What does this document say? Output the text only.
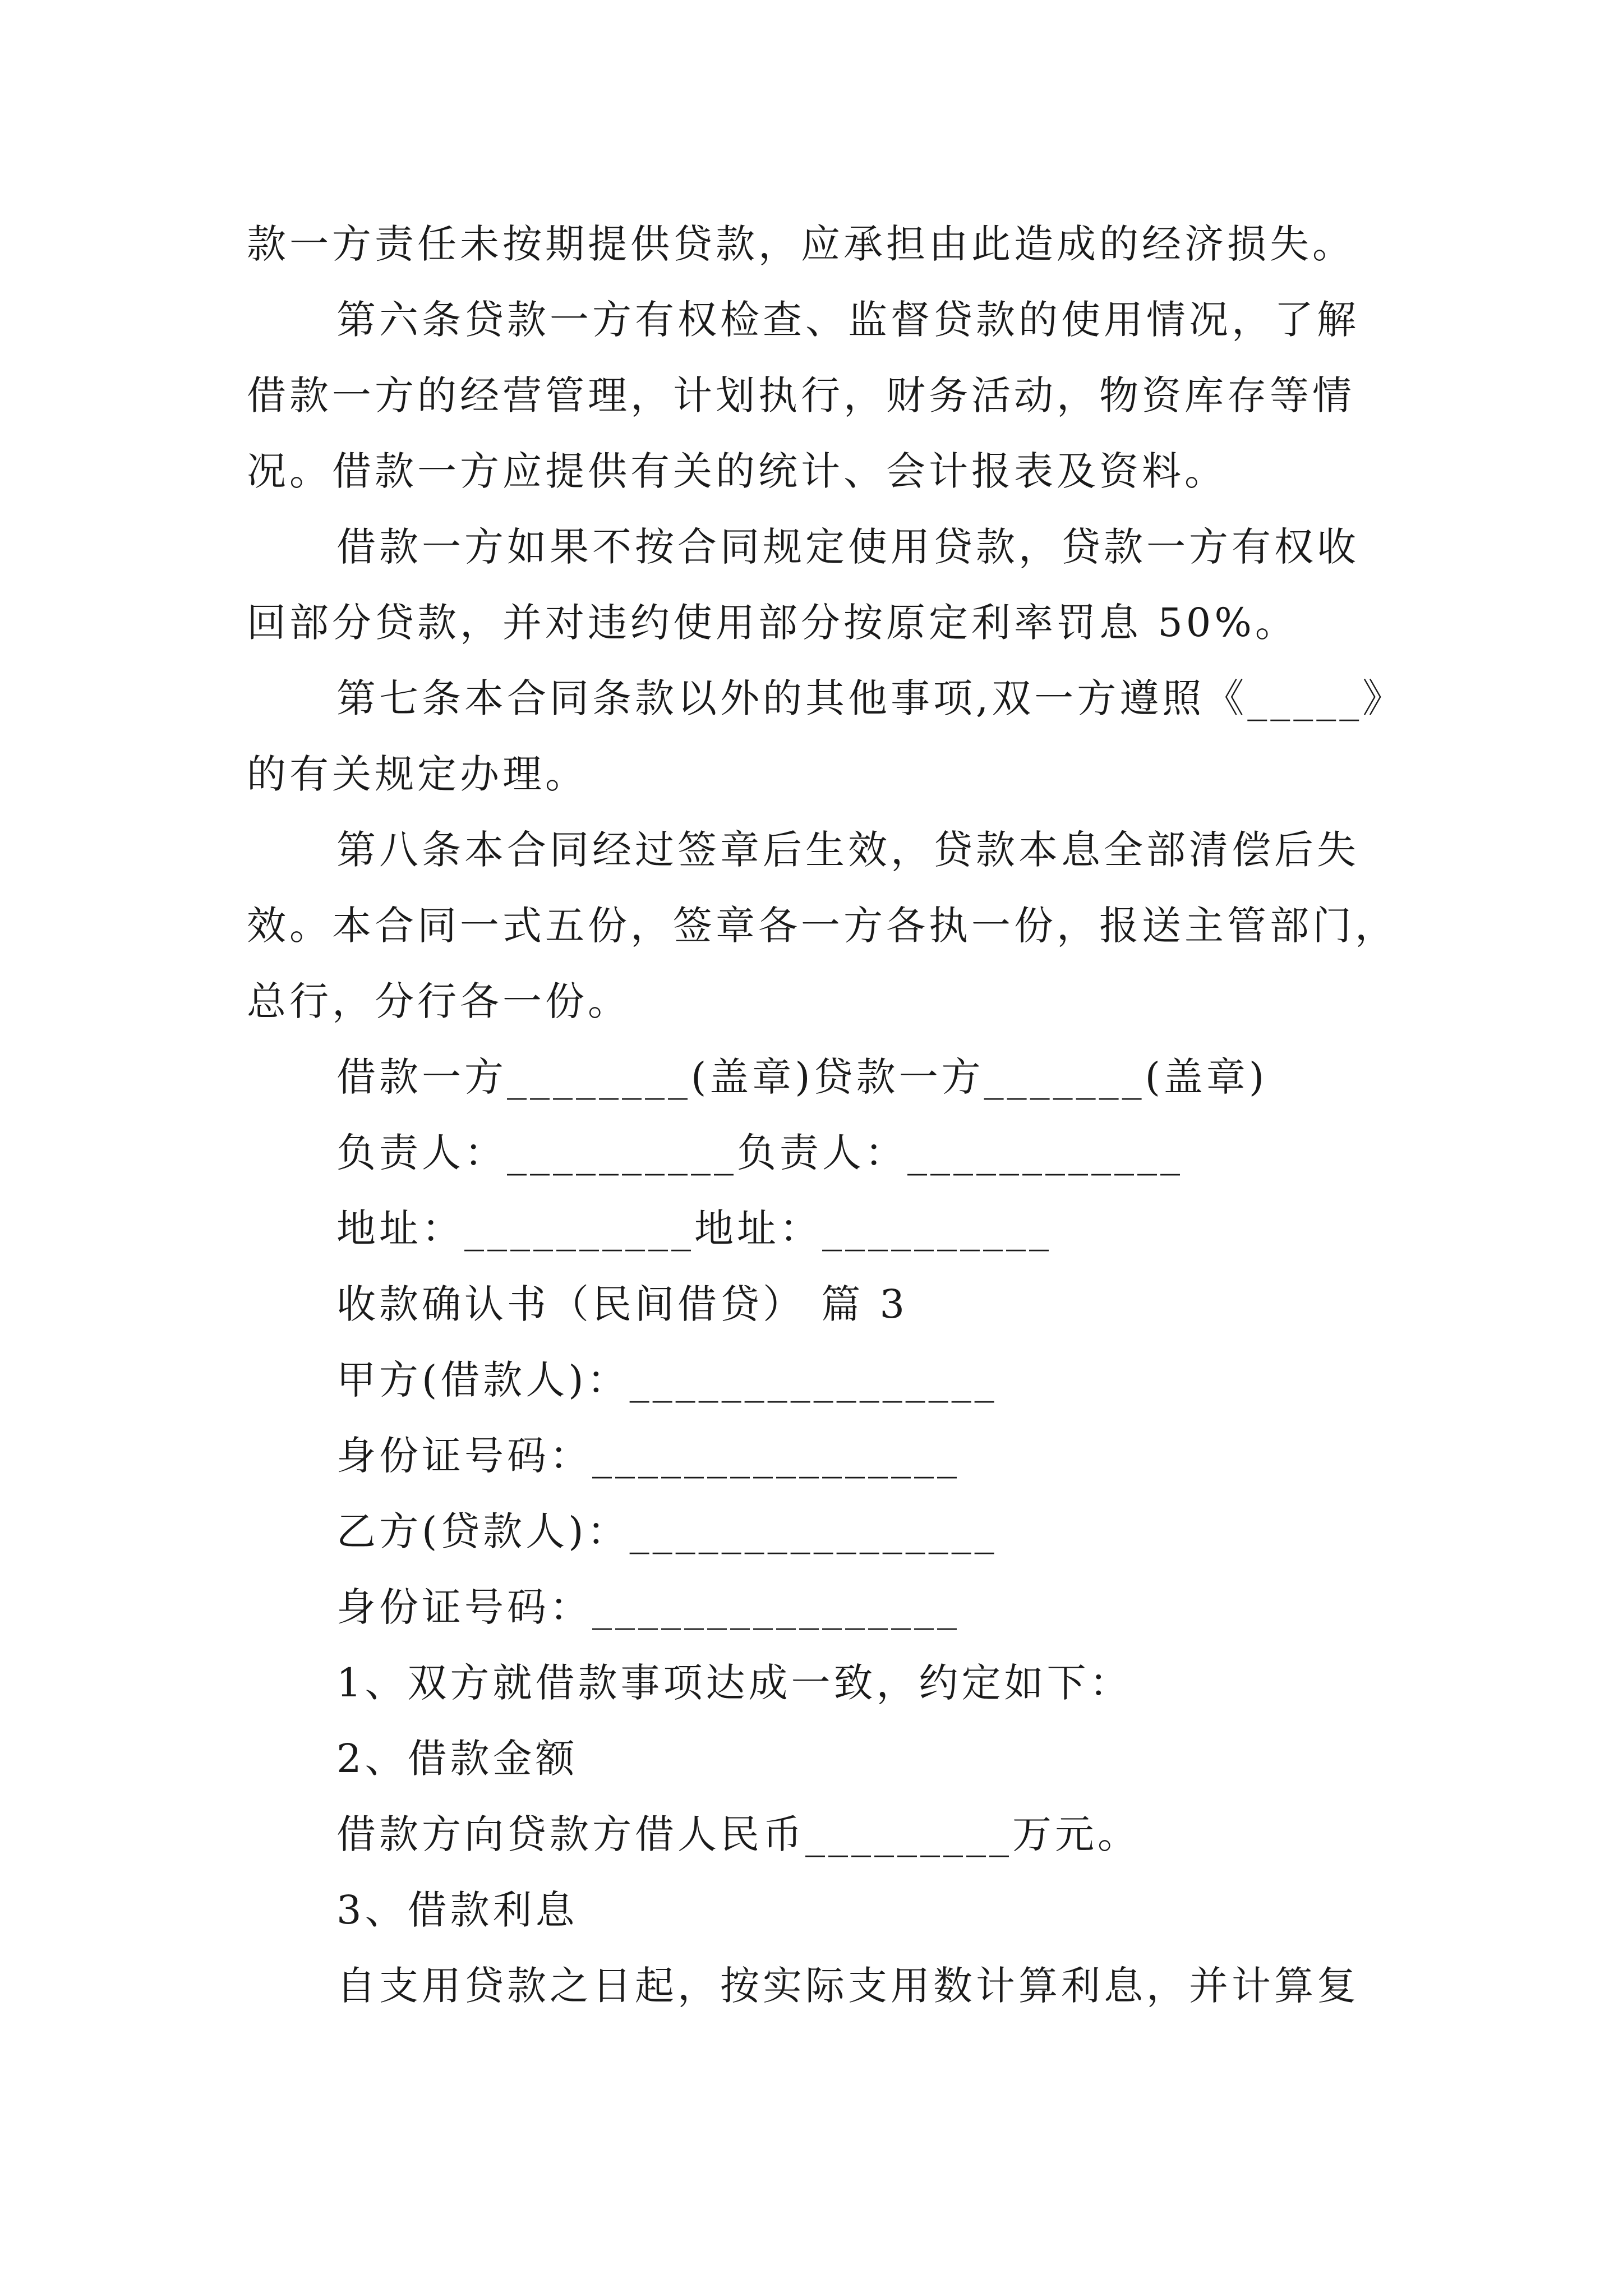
款一方责任未按期提供贷款，应承担由此造成的经济损失。
第六条贷款一方有权检查、监督贷款的使用情况，了解
借款一方的经营管理，计划执行，财务活动，物资库存等情
况。借款一方应提供有关的统计、会计报表及资料。
借款一方如果不按合同规定使用贷款，贷款一方有权收
回部分贷款，并对违约使用部分按原定利率罚息 50%。
第七条本合同条款以外的其他事项,双一方遵照《_____》
的有关规定办理。
第八条本合同经过签章后生效，贷款本息全部清偿后失
效。本合同一式五份，签章各一方各执一份，报送主管部门，
总行，分行各一份。
借款一方________(盖章)贷款一方_______(盖章)
负责人：__________负责人：____________
地址：__________地址：__________
收款确认书（民间借贷） 篇 3
甲方(借款人)：________________
身份证号码：________________
乙方(贷款人)：________________
身份证号码：________________
1、双方就借款事项达成一致，约定如下：
2、借款金额
借款方向贷款方借人民币_________万元。
3、借款利息
自支用贷款之日起，按实际支用数计算利息，并计算复
